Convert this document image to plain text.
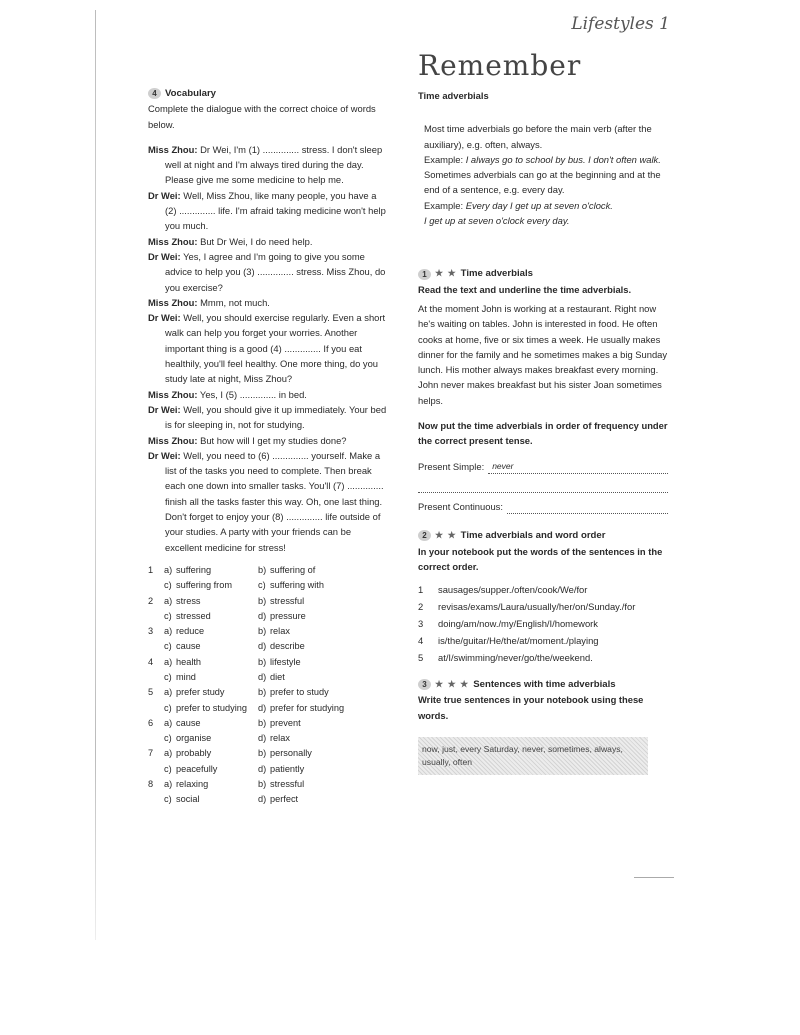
Lifestyles 1
4 Vocabulary

Complete the dialogue with the correct choice of words below.

Miss Zhou: Dr Wei, I'm (1) .............. stress. I don't sleep well at night and I'm always tired during the day. Please give me some medicine to help me.

Dr Wei: Well, Miss Zhou, like many people, you have a (2) .............. life. I'm afraid taking medicine won't help you much.

Miss Zhou: But Dr Wei, I do need help.

Dr Wei: Yes, I agree and I'm going to give you some advice to help you (3) .............. stress. Miss Zhou, do you exercise?

Miss Zhou: Mmm, not much.

Dr Wei: Well, you should exercise regularly. Even a short walk can help you forget your worries. Another important thing is a good (4) .............. If you eat healthily, you'll feel healthy. One more thing, do you study late at night, Miss Zhou?

Miss Zhou: Yes, I (5) .............. in bed.

Dr Wei: Well, you should give it up immediately. Your bed is for sleeping in, not for studying.

Miss Zhou: But how will I get my studies done?

Dr Wei: Well, you need to (6) .............. yourself. Make a list of the tasks you need to complete. Then break each one down into smaller tasks. You'll (7) .............. finish all the tasks faster this way. Oh, one last thing. Don't forget to enjoy your (8) .............. life outside of your studies. A party with your friends can be excellent medicine for stress!

1	a)	suffering	b)	suffering of
	c)	suffering from	c)	suffering with
2	a)	stress	b)	stressful
	c)	stressed	d)	pressure
3	a)	reduce	b)	relax
	c)	cause	d)	describe
4	a)	health	b)	lifestyle
	c)	mind	d)	diet
5	a)	prefer study	b)	prefer to study
	c)	prefer to studying	d)	prefer for studying
6	a)	cause	b)	prevent
	c)	organise	d)	relax
7	a)	probably	b)	personally
	c)	peacefully	d)	patiently
8	a)	relaxing	b)	stressful
	c)	social	d)	perfect
Remember
Time adverbials

Most time adverbials go before the main verb (after the auxiliary), e.g. often, always.

Example: I always go to school by bus. I don't often walk.

Sometimes adverbials can go at the beginning and at the end of a sentence, e.g. every day.

Example: Every day I get up at seven o'clock.

I get up at seven o'clock every day.

1 ★ ★ Time adverbials
Read the text and underline the time adverbials.

At the moment John is working at a restaurant. Right now he's waiting on tables. John is interested in food. He often cooks at home, five or six times a week. He usually makes dinner for the family and he sometimes makes a big Sunday lunch. His mother always makes breakfast every morning. John never makes breakfast but his sister Joan sometimes helps.

Now put the time adverbials in order of frequency under the correct present tense.

Present Simple: never
Present Continuous:
2 ★ ★ Time adverbials and word order
In your notebook put the words of the sentences in the correct order.
1	sausages/supper./often/cook/We/for
2	revisas/exams/Laura/usually/her/on/Sunday./for
3	doing/am/now./my/English/I/homework
4	is/the/guitar/He/the/at/moment./playing
5	at/I/swimming/never/go/the/weekend.
3 ★ ★ ★ Sentences with time adverbials
Write true sentences in your notebook using these words.
now, just, every Saturday, never, sometimes, always, usually, often
